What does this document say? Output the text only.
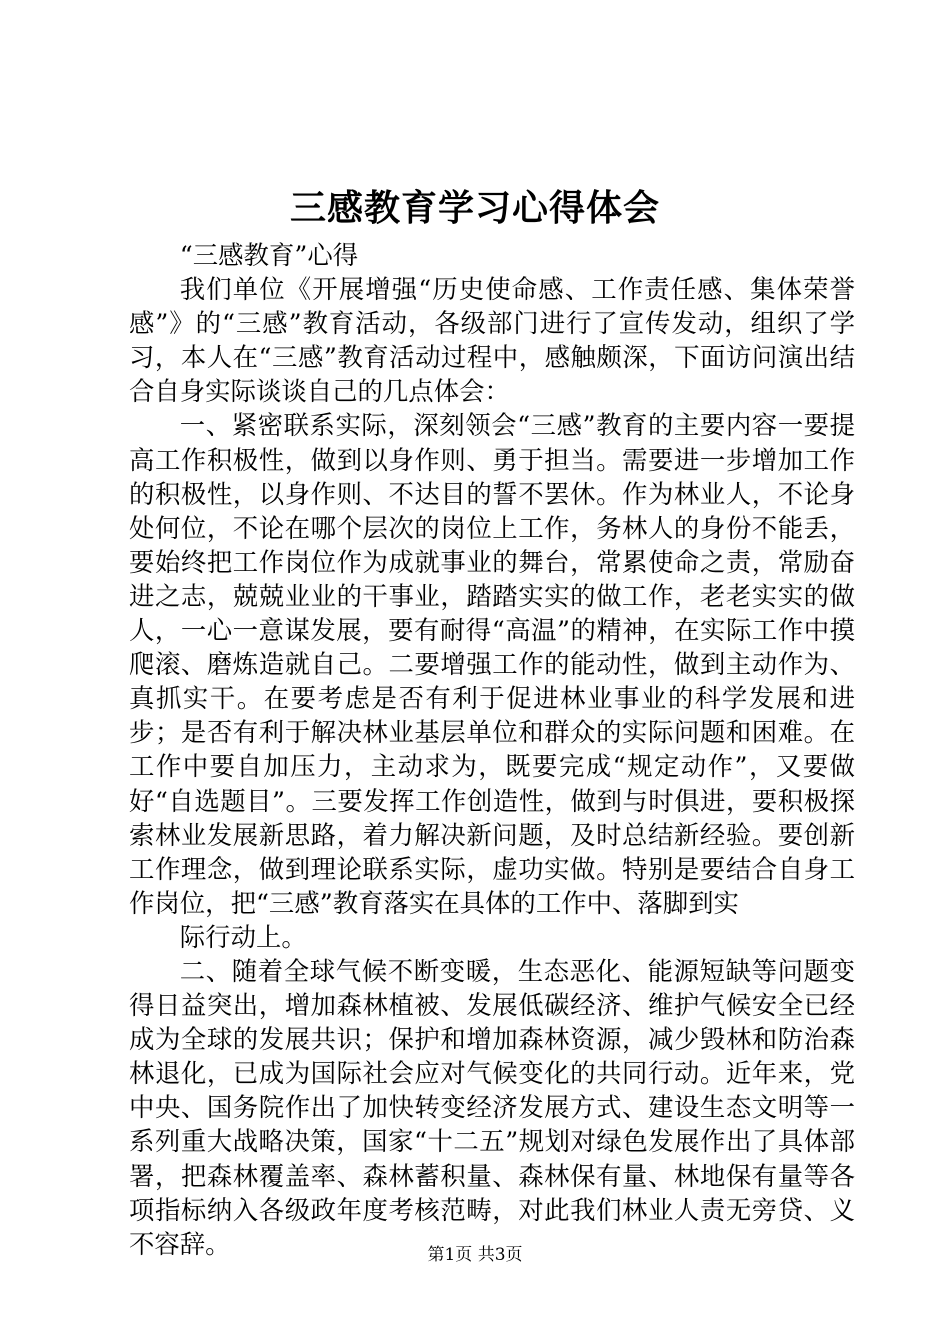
三感教育学习心得体会

“三感教育”心得

我们单位《开展增强“历史使命感、工作责任感、集体荣誉感”》的“三感”教育活动，各级部门进行了宣传发动，组织了学习，本人在“三感”教育活动过程中，感触颇深，下面访问演出结合自身实际谈谈自己的几点体会：

一、紧密联系实际，深刻领会“三感”教育的主要内容一要提高工作积极性，做到以身作则、勇于担当。需要进一步增加工作的积极性，以身作则、不达目的誓不罢休。作为林业人，不论身处何位，不论在哪个层次的岗位上工作，务林人的身份不能丢，要始终把工作岗位作为成就事业的舞台，常累使命之责，常励奋进之志，兢兢业业的干事业，踏踏实实的做工作，老老实实的做人，一心一意谋发展，要有耐得“高温”的精神，在实际工作中摸爬滚、磨炼造就自己。二要增强工作的能动性，做到主动作为、真抓实干。在要考虑是否有利于促进林业事业的科学发展和进步；是否有利于解决林业基层单位和群众的实际问题和困难。在工作中要自加压力，主动求为，既要完成“规定动作”，又要做好“自选题目”。三要发挥工作创造性，做到与时俱进，要积极探索林业发展新思路，着力解决新问题，及时总结新经验。要创新工作理念，做到理论联系实际，虚功实做。特别是要结合自身工作岗位，把“三感”教育落实在具体的工作中、落脚到实

际行动上。

二、随着全球气候不断变暖，生态恶化、能源短缺等问题变得日益突出，增加森林植被、发展低碳经济、维护气候安全已经成为全球的发展共识；保护和增加森林资源，减少毁林和防治森林退化，已成为国际社会应对气候变化的共同行动。近年来，党中央、国务院作出了加快转变经济发展方式、建设生态文明等一系列重大战略决策，国家“十二五”规划对绿色发展作出了具体部署，把森林覆盖率、森林蓄积量、森林保有量、林地保有量等各项指标纳入各级政年度考核范畴，对此我们林业人责无旁贷、义不容辞。	第1页 共3页
